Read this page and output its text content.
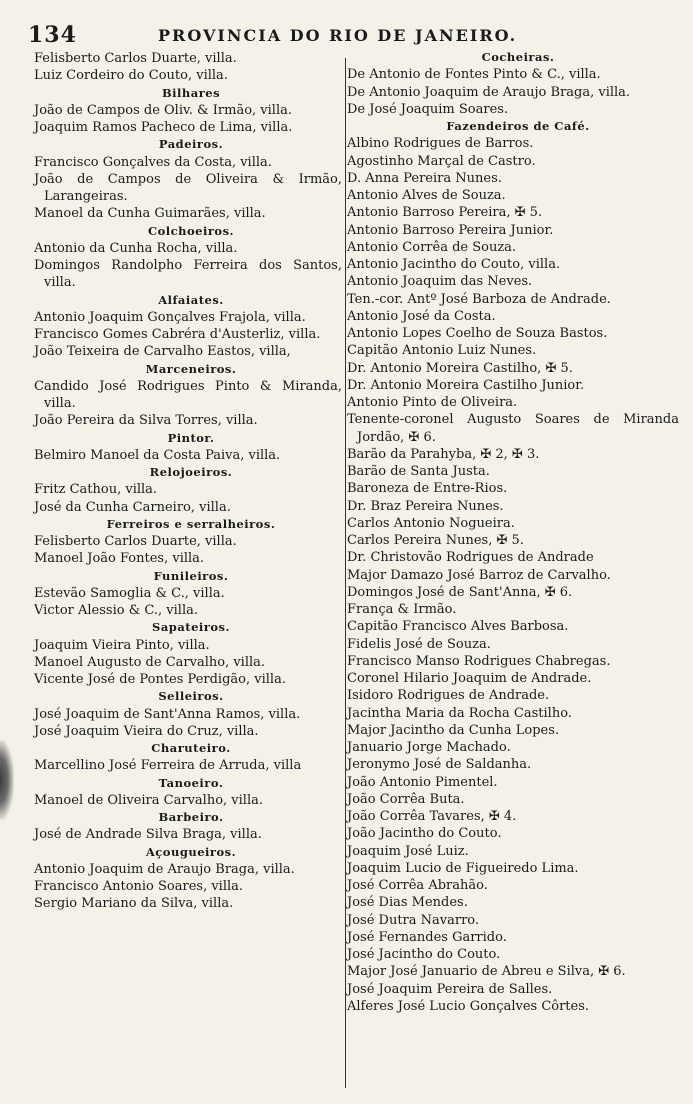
134	PROVINCIA DO RIO DE JANEIRO.
Felisberto Carlos Duarte, villa.
Luiz Cordeiro do Couto, villa.
Bilhares
João de Campos de Oliv. & Irmão, villa.
Joaquim Ramos Pacheco de Lima, villa.
Padeiros.
Francisco Gonçalves da Costa, villa.
João de Campos de Oliveira & Irmão, Larangeiras.
Manoel da Cunha Guimarães, villa.
Colchoeiros.
Antonio da Cunha Rocha, villa.
Domingos Randolpho Ferreira dos Santos, villa.
Alfaiates.
Antonio Joaquim Gonçalves Frajola, villa.
Francisco Gomes Cabréra d'Austerliz, villa.
João Teixeira de Carvalho Eastos, villa,
Marceneiros.
Candido José Rodrigues Pinto & Miranda, villa.
João Pereira da Silva Torres, villa.
Pintor.
Belmiro Manoel da Costa Paiva, villa.
Relojoeiros.
Fritz Cathou, villa.
José da Cunha Carneiro, villa.
Ferreiros e serralheiros.
Felisberto Carlos Duarte, villa.
Manoel João Fontes, villa.
Funileiros.
Estevão Samoglia & C., villa.
Victor Alessio & C., villa.
Sapateiros.
Joaquim Vieira Pinto, villa.
Manoel Augusto de Carvalho, villa.
Vicente José de Pontes Perdigão, villa.
Selleiros.
José Joaquim de Sant'Anna Ramos, villa.
José Joaquim Vieira do Cruz, villa.
Charuteiro.
Marcellino José Ferreira de Arruda, villa
Tanoeiro.
Manoel de Oliveira Carvalho, villa.
Barbeiro.
José de Andrade Silva Braga, villa.
Açougueiros.
Antonio Joaquim de Araujo Braga, villa.
Francisco Antonio Soares, villa.
Sergio Mariano da Silva, villa.
Cocheiras.
De Antonio de Fontes Pinto & C., villa.
De Antonio Joaquim de Araujo Braga, villa.
De José Joaquim Soares.
Fazendeiros de Café.
Albino Rodrigues de Barros.
Agostinho Marçal de Castro.
D. Anna Pereira Nunes.
Antonio Alves de Souza.
Antonio Barroso Pereira, ✠ 5.
Antonio Barroso Pereira Junior.
Antonio Corrêa de Souza.
Antonio Jacintho do Couto, villa.
Antonio Joaquim das Neves.
Ten.-cor. Antº José Barboza de Andrade.
Antonio José da Costa.
Antonio Lopes Coelho de Souza Bastos.
Capitão Antonio Luiz Nunes.
Dr. Antonio Moreira Castilho, ✠ 5.
Dr. Antonio Moreira Castilho Junior.
Antonio Pinto de Oliveira.
Tenente-coronel Augusto Soares de Miranda Jordão, ✠ 6.
Barão da Parahyba, ✠ 2, ✠ 3.
Barão de Santa Justa.
Baroneza de Entre-Rios.
Dr. Braz Pereira Nunes.
Carlos Antonio Nogueira.
Carlos Pereira Nunes, ✠ 5.
Dr. Christovão Rodrigues de Andrade
Major Damazo José Barroz de Carvalho.
Domingos José de Sant'Anna, ✠ 6.
França & Irmão.
Capitão Francisco Alves Barbosa.
Fidelis José de Souza.
Francisco Manso Rodrigues Chabregas.
Coronel Hilario Joaquim de Andrade.
Isidoro Rodrigues de Andrade.
Jacintha Maria da Rocha Castilho.
Major Jacintho da Cunha Lopes.
Januario Jorge Machado.
Jeronymo José de Saldanha.
João Antonio Pimentel.
João Corrêa Buta.
João Corrêa Tavares, ✠ 4.
João Jacintho do Couto.
Joaquim José Luiz.
Joaquim Lucio de Figueiredo Lima.
José Corrêa Abrahão.
José Dias Mendes.
José Dutra Navarro.
José Fernandes Garrido.
José Jacintho do Couto.
Major José Januario de Abreu e Silva, ✠ 6.
José Joaquim Pereira de Salles.
Alferes José Lucio Gonçalves Côrtes.
